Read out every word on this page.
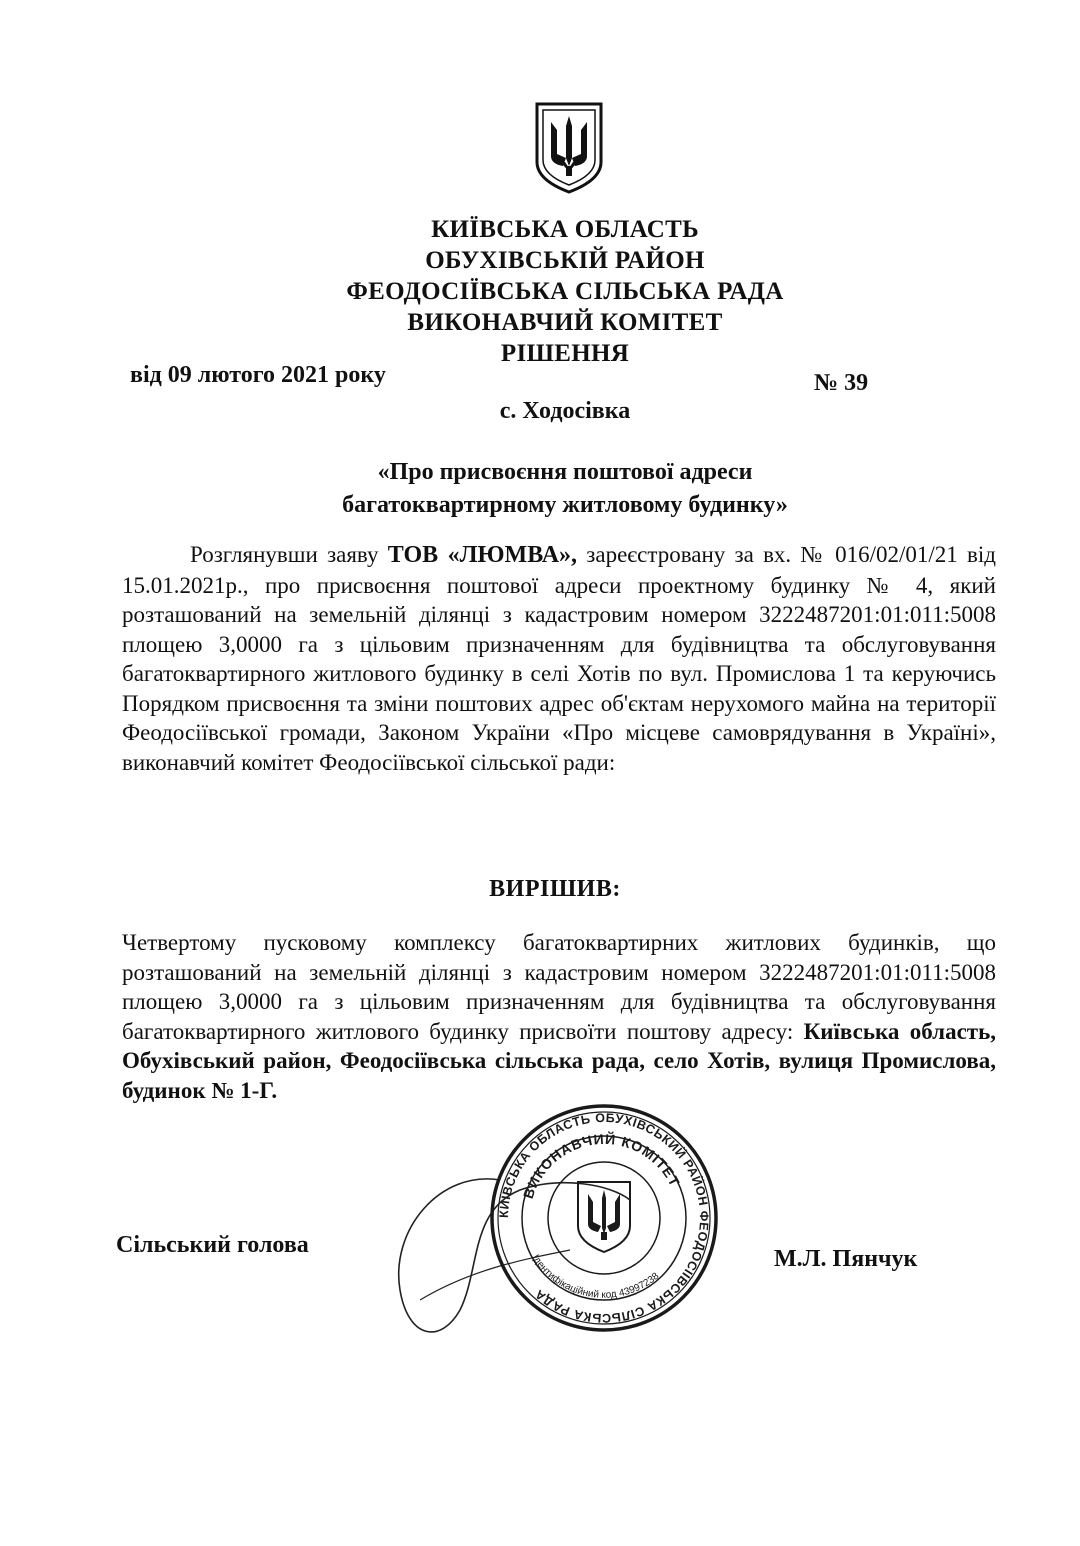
КИЇВСЬКА ОБЛАСТЬ
ОБУХІВСЬКІЙ РАЙОН
ФЕОДОСІЇВСЬКА СІЛЬСЬКА РАДА
ВИКОНАВЧИЙ КОМІТЕТ
РІШЕННЯ
від 09 лютого 2021 року	№ 39
с. Ходосівка
«Про присвоєння поштової адреси
багатоквартирному житловому будинку»
Розглянувши заяву ТОВ «ЛЮМВА», зареєстровану за вх. № 016/02/01/21 від 15.01.2021р., про присвоєння поштової адреси проектному будинку № 4, який розташований на земельній ділянці з кадастровим номером 3222487201:01:011:5008 площею 3,0000 га з цільовим призначенням для будівництва та обслуговування багатоквартирного житлового будинку в селі Хотів по вул. Промислова 1 та керуючись Порядком присвоєння та зміни поштових адрес об'єктам нерухомого майна на території Феодосіївської громади, Законом України «Про місцеве самоврядування в Україні», виконавчий комітет Феодосіївської сільської ради:
ВИРІШИВ:
Четвертому пусковому комплексу багатоквартирних житлових будинків, що розташований на земельній ділянці з кадастровим номером 3222487201:01:011:5008 площею 3,0000 га з цільовим призначенням для будівництва та обслуговування багатоквартирного житлового будинку присвоїти поштову адресу: Київська область, Обухівський район, Феодосіївська сільська рада, село Хотів, вулиця Промислова, будинок № 1-Г.
КИЇВСЬКА ОБЛАСТЬ ОБУХІВСЬКИЙ РАЙОН ФЕОДОСІЇВСЬКА СІЛЬСЬКА РАДА
ВИКОНАВЧИЙ КОМІТЕТ
Ідентифікаційний код 43997238
Сільський голова
М.Л. Пянчук
